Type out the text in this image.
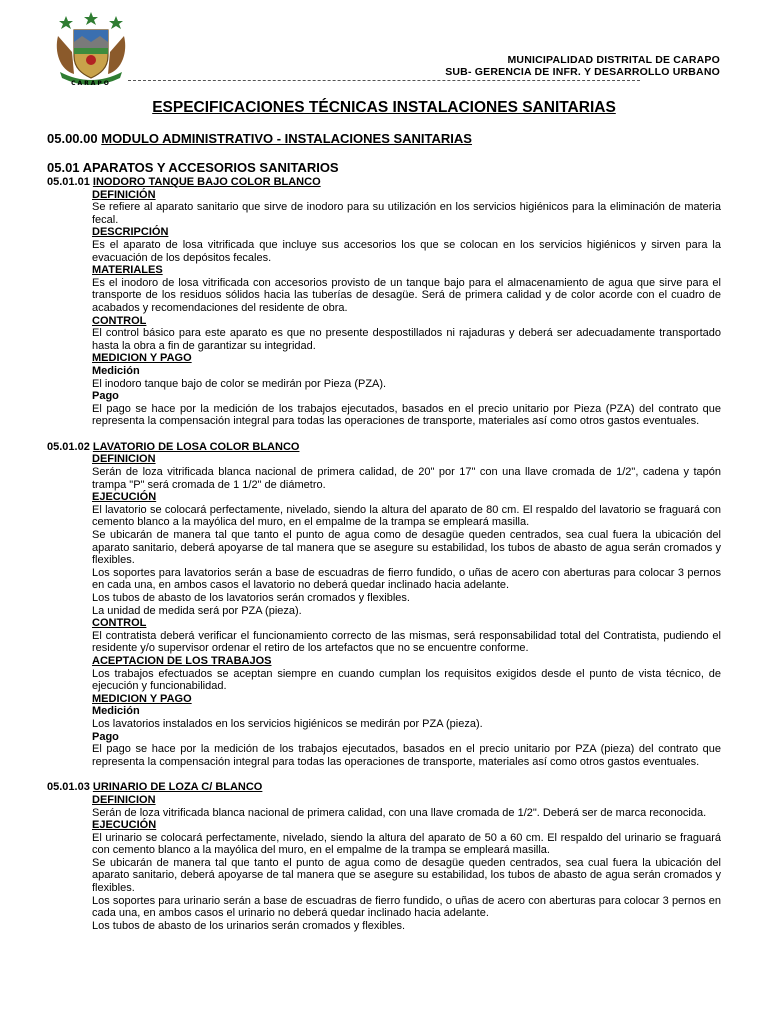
CARAPO
MUNICIPALIDAD DISTRITAL DE CARAPO
SUB- GERENCIA DE INFR. Y DESARROLLO URBANO
ESPECIFICACIONES TÉCNICAS INSTALACIONES SANITARIAS

05.00.00 MODULO ADMINISTRATIVO - INSTALACIONES SANITARIAS

05.01 APARATOS Y ACCESORIOS SANITARIOS

05.01.01 INODORO TANQUE BAJO COLOR BLANCO

DEFINICIÓN

Se refiere al aparato sanitario que sirve de inodoro para su utilización en los servicios higiénicos para la eliminación de materia fecal.

DESCRIPCIÓN

Es el aparato de losa vitrificada que incluye sus accesorios los que se colocan en los servicios higiénicos y sirven para la evacuación de los depósitos fecales.

MATERIALES

Es el inodoro de losa vitrificada con accesorios provisto de un tanque bajo para el almacenamiento de agua que sirve para el transporte de los residuos sólidos hacia las tuberías de desagüe. Será de primera calidad y de color acorde con el cuadro de acabados y recomendaciones del residente de obra.

CONTROL

El control básico para este aparato es que no presente despostillados ni rajaduras y deberá ser adecuadamente transportado hasta la obra a fin de garantizar su integridad.

MEDICION Y PAGO

Medición

El inodoro tanque bajo de color se medirán por Pieza (PZA).

Pago

El pago se hace por la medición de los trabajos ejecutados, basados en el precio unitario por Pieza (PZA) del contrato que representa la compensación integral para todas las operaciones de transporte, materiales así como otros gastos eventuales.

05.01.02 LAVATORIO DE LOSA COLOR BLANCO

DEFINICION

Serán de loza vitrificada blanca nacional de primera calidad, de 20" por 17" con una llave cromada de 1/2", cadena y tapón trampa "P" será cromada de 1 1/2" de diámetro.

EJECUCIÓN

El lavatorio se colocará perfectamente, nivelado, siendo la altura del aparato de 80 cm. El respaldo del lavatorio se fraguará con cemento blanco a la mayólica del muro, en el empalme de la trampa se empleará masilla.

Se ubicarán de manera tal que tanto el punto de agua como de desagüe queden centrados, sea cual fuera la ubicación del aparato sanitario, deberá apoyarse de tal manera que se asegure su estabilidad, los tubos de abasto de agua serán cromados y flexibles.

Los soportes para lavatorios serán a base de escuadras de fierro fundido, o uñas de acero con aberturas para colocar 3 pernos en cada una, en ambos casos el lavatorio no deberá quedar inclinado hacia adelante.

Los tubos de abasto de los lavatorios serán cromados y flexibles.

La unidad de medida será por PZA (pieza).

CONTROL

El contratista deberá verificar el funcionamiento correcto de las mismas, será responsabilidad total del Contratista, pudiendo el residente y/o supervisor ordenar el retiro de los artefactos que no se encuentre conforme.

ACEPTACION DE LOS TRABAJOS

Los trabajos efectuados se aceptan siempre en cuando cumplan los requisitos exigidos desde el punto de vista técnico, de ejecución y funcionabilidad.

MEDICION Y PAGO

Medición

Los lavatorios instalados en los servicios higiénicos se medirán por PZA (pieza).

Pago

El pago se hace por la medición de los trabajos ejecutados, basados en el precio unitario por PZA (pieza) del contrato que representa la compensación integral para todas las operaciones de transporte, materiales así como otros gastos eventuales.

05.01.03 URINARIO DE LOZA C/ BLANCO

DEFINICION

Serán de loza vitrificada blanca nacional de primera calidad, con una llave cromada de 1/2". Deberá ser de marca reconocida.

EJECUCIÓN

El urinario se colocará perfectamente, nivelado, siendo la altura del aparato de 50 a 60 cm. El respaldo del urinario se fraguará con cemento blanco a la mayólica del muro, en el empalme de la trampa se empleará masilla.

Se ubicarán de manera tal que tanto el punto de agua como de desagüe queden centrados, sea cual fuera la ubicación del aparato sanitario, deberá apoyarse de tal manera que se asegure su estabilidad, los tubos de abasto de agua serán cromados y flexibles.

Los soportes para urinario serán a base de escuadras de fierro fundido, o uñas de acero con aberturas para colocar 3 pernos en cada una, en ambos casos el urinario no deberá quedar inclinado hacia adelante.

Los tubos de abasto de los urinarios serán cromados y flexibles.
